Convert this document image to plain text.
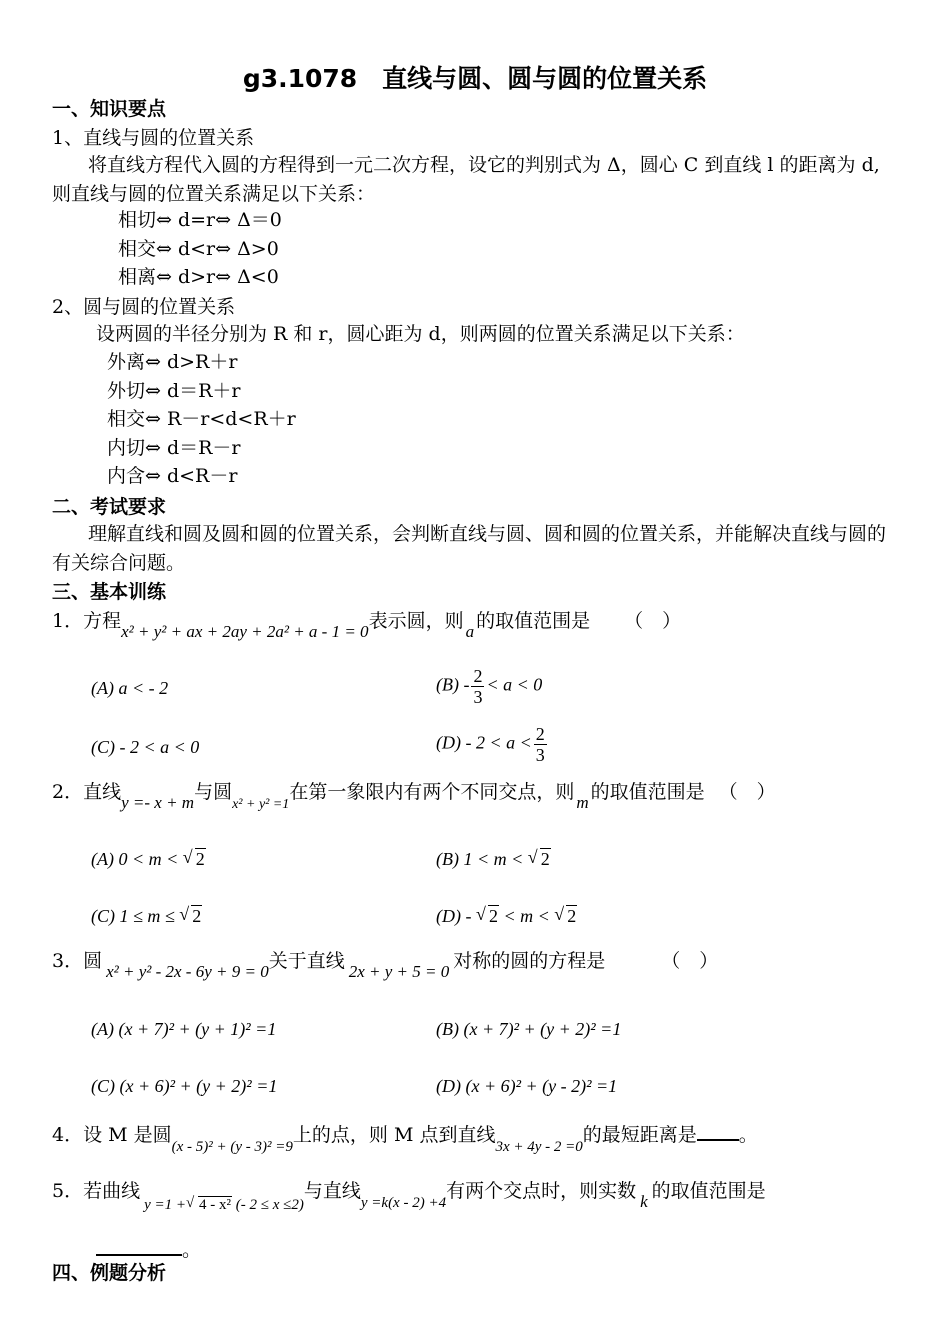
g3.1078　直线与圆、圆与圆的位置关系
一、知识要点
1、直线与圆的位置关系
将直线方程代入圆的方程得到一元二次方程，设它的判别式为 Δ，圆心 C 到直线 l 的距离为 d,则直线与圆的位置关系满足以下关系：
相切⇔ d=r⇔ Δ＝0
相交⇔ d<r⇔ Δ>0
相离⇔ d>r⇔ Δ<0
2、圆与圆的位置关系
设两圆的半径分别为 R 和 r，圆心距为 d，则两圆的位置关系满足以下关系：
外离⇔ d>R＋r
外切⇔ d＝R＋r
相交⇔ R－r<d<R＋r
内切⇔ d＝R－r
内含⇔ d<R－r
二、考试要求
理解直线和圆及圆和圆的位置关系，会判断直线与圆、圆和圆的位置关系，并能解决直线与圆的有关综合问题。
三、基本训练
1．方程x² + y² + ax + 2ay + 2a² + a - 1 = 0表示圆，则 a 的取值范围是 （　）
(A) a < - 2	$(B) - \frac{2}{3} < a < 0$
(C) - 2 < a < 0	$(D) - 2 < a < \frac{2}{3}$
2．直线y =- x + m与圆$_{x^2 + y^2 =1}$在第一象限内有两个不同交点，则 m 的取值范围是 （　）
(A) 0 < m < √ 2	(B) 1 < m < √ 2
(C) 1 ≤ m ≤ √ 2	(D) - √ 2 < m < √ 2
3．圆 x² + y² - 2x - 6y + 9 = 0关于直线 2x + y + 5 = 0 对称的圆的方程是	（　）
(A) (x + 7)² + (y + 1)² =1	(B) (x + 7)² + (y + 2)² =1
(C) (x + 6)² + (y + 2)² =1	(D) (x + 6)² + (y - 2)² =1
4．设 M 是圆$_{(x - 5)^2 + (y - 3)^2 =9}$上的点，则 M 点到直线$_{3x + 4y - 2 =0}$的最短距离是 。
5．若曲线$_{y =1 + √ 4 - x^2 (- 2 \le x \le 2)}$与直线$_{y =k(x - 2) +4}$有两个交点时，则实数 k 的取值范围是
。
四、例题分析
